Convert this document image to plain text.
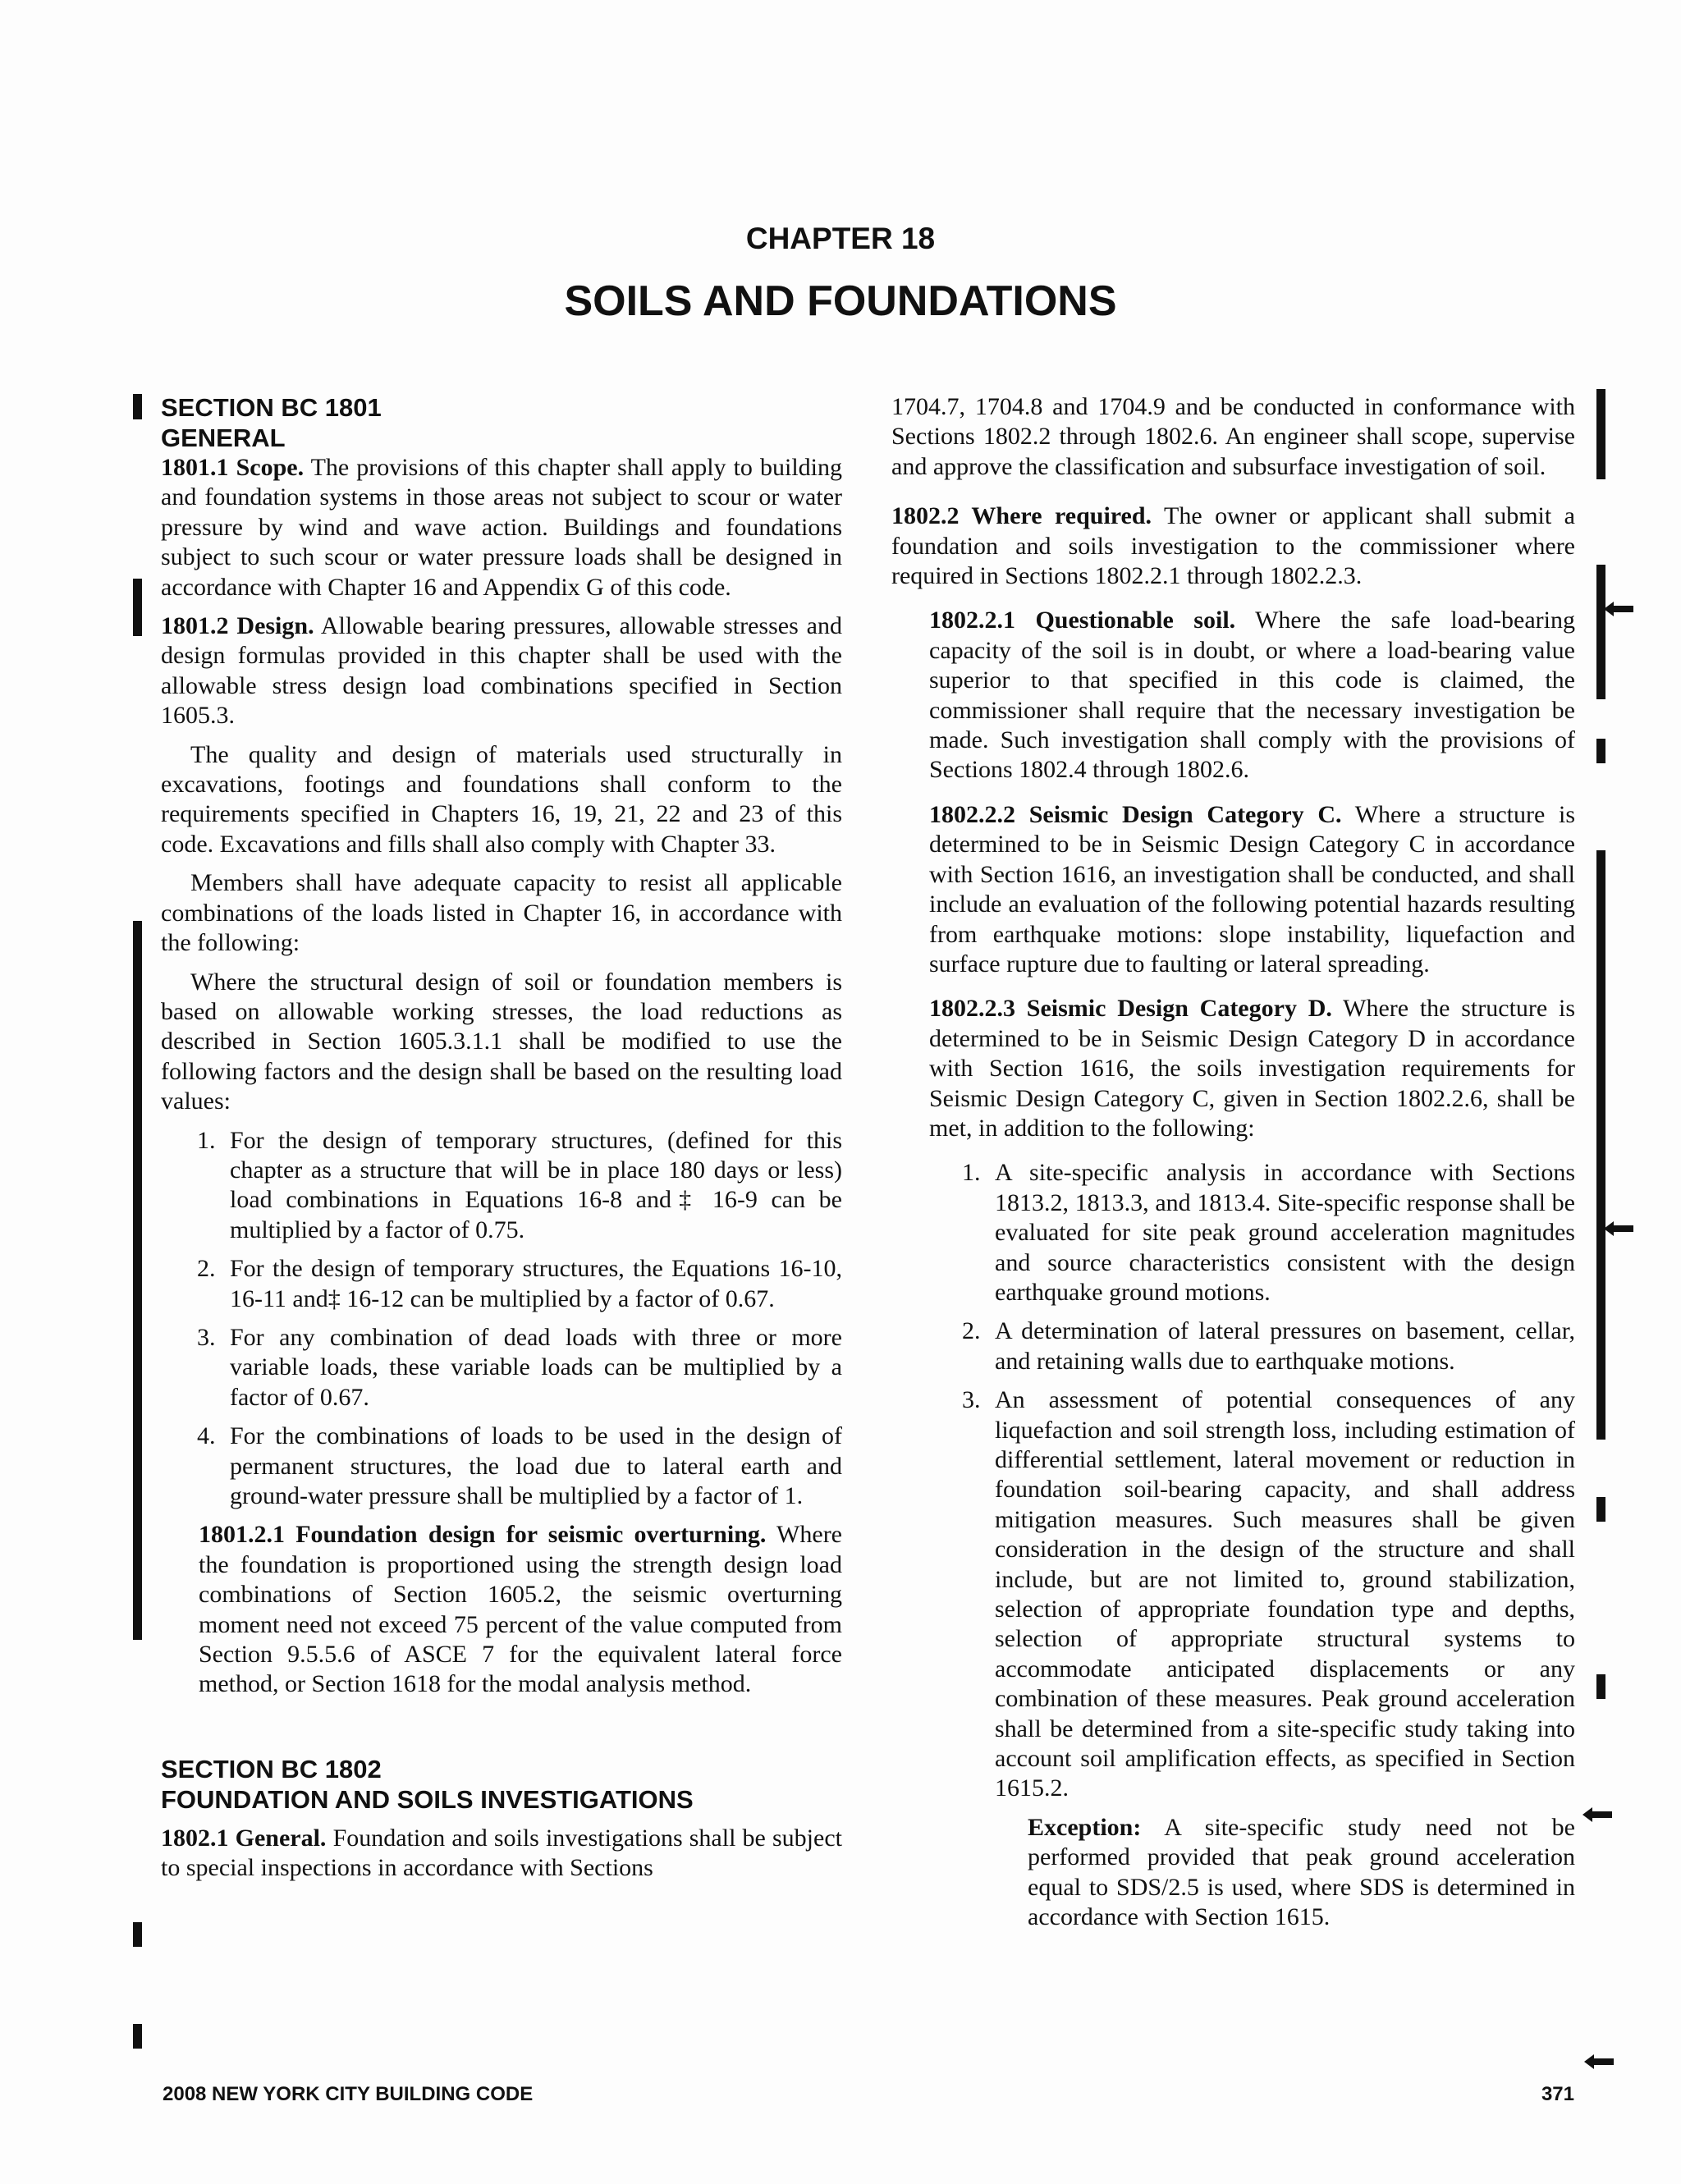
CHAPTER 18
SOILS AND FOUNDATIONS

SECTION BC 1801

GENERAL

1801.1 Scope. The provisions of this chapter shall apply to building and foundation systems in those areas not subject to scour or water pressure by wind and wave action. Buildings and foundations subject to such scour or water pressure loads shall be designed in accordance with Chapter 16 and Appendix G of this code.

1801.2 Design. Allowable bearing pressures, allowable stresses and design formulas provided in this chapter shall be used with the allowable stress design load combinations specified in Section 1605.3.

The quality and design of materials used structurally in excavations, footings and foundations shall conform to the requirements specified in Chapters 16, 19, 21, 22 and 23 of this code. Excavations and fills shall also comply with Chapter 33.

Members shall have adequate capacity to resist all applicable combinations of the loads listed in Chapter 16, in accordance with the following:

Where the structural design of soil or foundation members is based on allowable working stresses, the load reductions as described in Section 1605.3.1.1 shall be modified to use the following factors and the design shall be based on the resulting load values:

1. For the design of temporary structures, (defined for this chapter as a structure that will be in place 180 days or less) load combinations in Equations 16-8 and‡ 16-9 can be multiplied by a factor of 0.75.
2. For the design of temporary structures, the Equations 16-10, 16-11 and‡ 16-12 can be multiplied by a factor of 0.67.
3. For any combination of dead loads with three or more variable loads, these variable loads can be multiplied by a factor of 0.67.
4. For the combinations of loads to be used in the design of permanent structures, the load due to lateral earth and ground-water pressure shall be multiplied by a factor of 1.

1801.2.1 Foundation design for seismic overturning. Where the foundation is proportioned using the strength design load combinations of Section 1605.2, the seismic overturning moment need not exceed 75 percent of the value computed from Section 9.5.5.6 of ASCE 7 for the equivalent lateral force method, or Section 1618 for the modal analysis method.

SECTION BC 1802

FOUNDATION AND SOILS INVESTIGATIONS

1802.1 General. Foundation and soils investigations shall be subject to special inspections in accordance with Sections

1704.7, 1704.8 and 1704.9 and be conducted in conformance with Sections 1802.2 through 1802.6. An engineer shall scope, supervise and approve the classification and subsurface investigation of soil.

1802.2 Where required. The owner or applicant shall submit a foundation and soils investigation to the commissioner where required in Sections 1802.2.1 through 1802.2.3.

1802.2.1 Questionable soil. Where the safe load-bearing capacity of the soil is in doubt, or where a load-bearing value superior to that specified in this code is claimed, the commissioner shall require that the necessary investigation be made. Such investigation shall comply with the provisions of Sections 1802.4 through 1802.6.

1802.2.2 Seismic Design Category C. Where a structure is determined to be in Seismic Design Category C in accordance with Section 1616, an investigation shall be conducted, and shall include an evaluation of the following potential hazards resulting from earthquake motions: slope instability, liquefaction and surface rupture due to faulting or lateral spreading.

1802.2.3 Seismic Design Category D. Where the structure is determined to be in Seismic Design Category D in accordance with Section 1616, the soils investigation requirements for Seismic Design Category C, given in Section 1802.2.6, shall be met, in addition to the following:

1. A site-specific analysis in accordance with Sections 1813.2, 1813.3, and 1813.4. Site-specific response shall be evaluated for site peak ground acceleration magnitudes and source characteristics consistent with the design earthquake ground motions.
2. A determination of lateral pressures on basement, cellar, and retaining walls due to earthquake motions.
3. An assessment of potential consequences of any liquefaction and soil strength loss, including estimation of differential settlement, lateral movement or reduction in foundation soil-bearing capacity, and shall address mitigation measures. Such measures shall be given consideration in the design of the structure and shall include, but are not limited to, ground stabilization, selection of appropriate foundation type and depths, selection of appropriate structural systems to accommodate anticipated displacements or any combination of these measures. Peak ground acceleration shall be determined from a site-specific study taking into account soil amplification effects, as specified in Section 1615.2.

Exception: A site-specific study need not be performed provided that peak ground acceleration equal to SDS/2.5 is used, where SDS is determined in accordance with Section 1615.

2008 NEW YORK CITY BUILDING CODE	371
